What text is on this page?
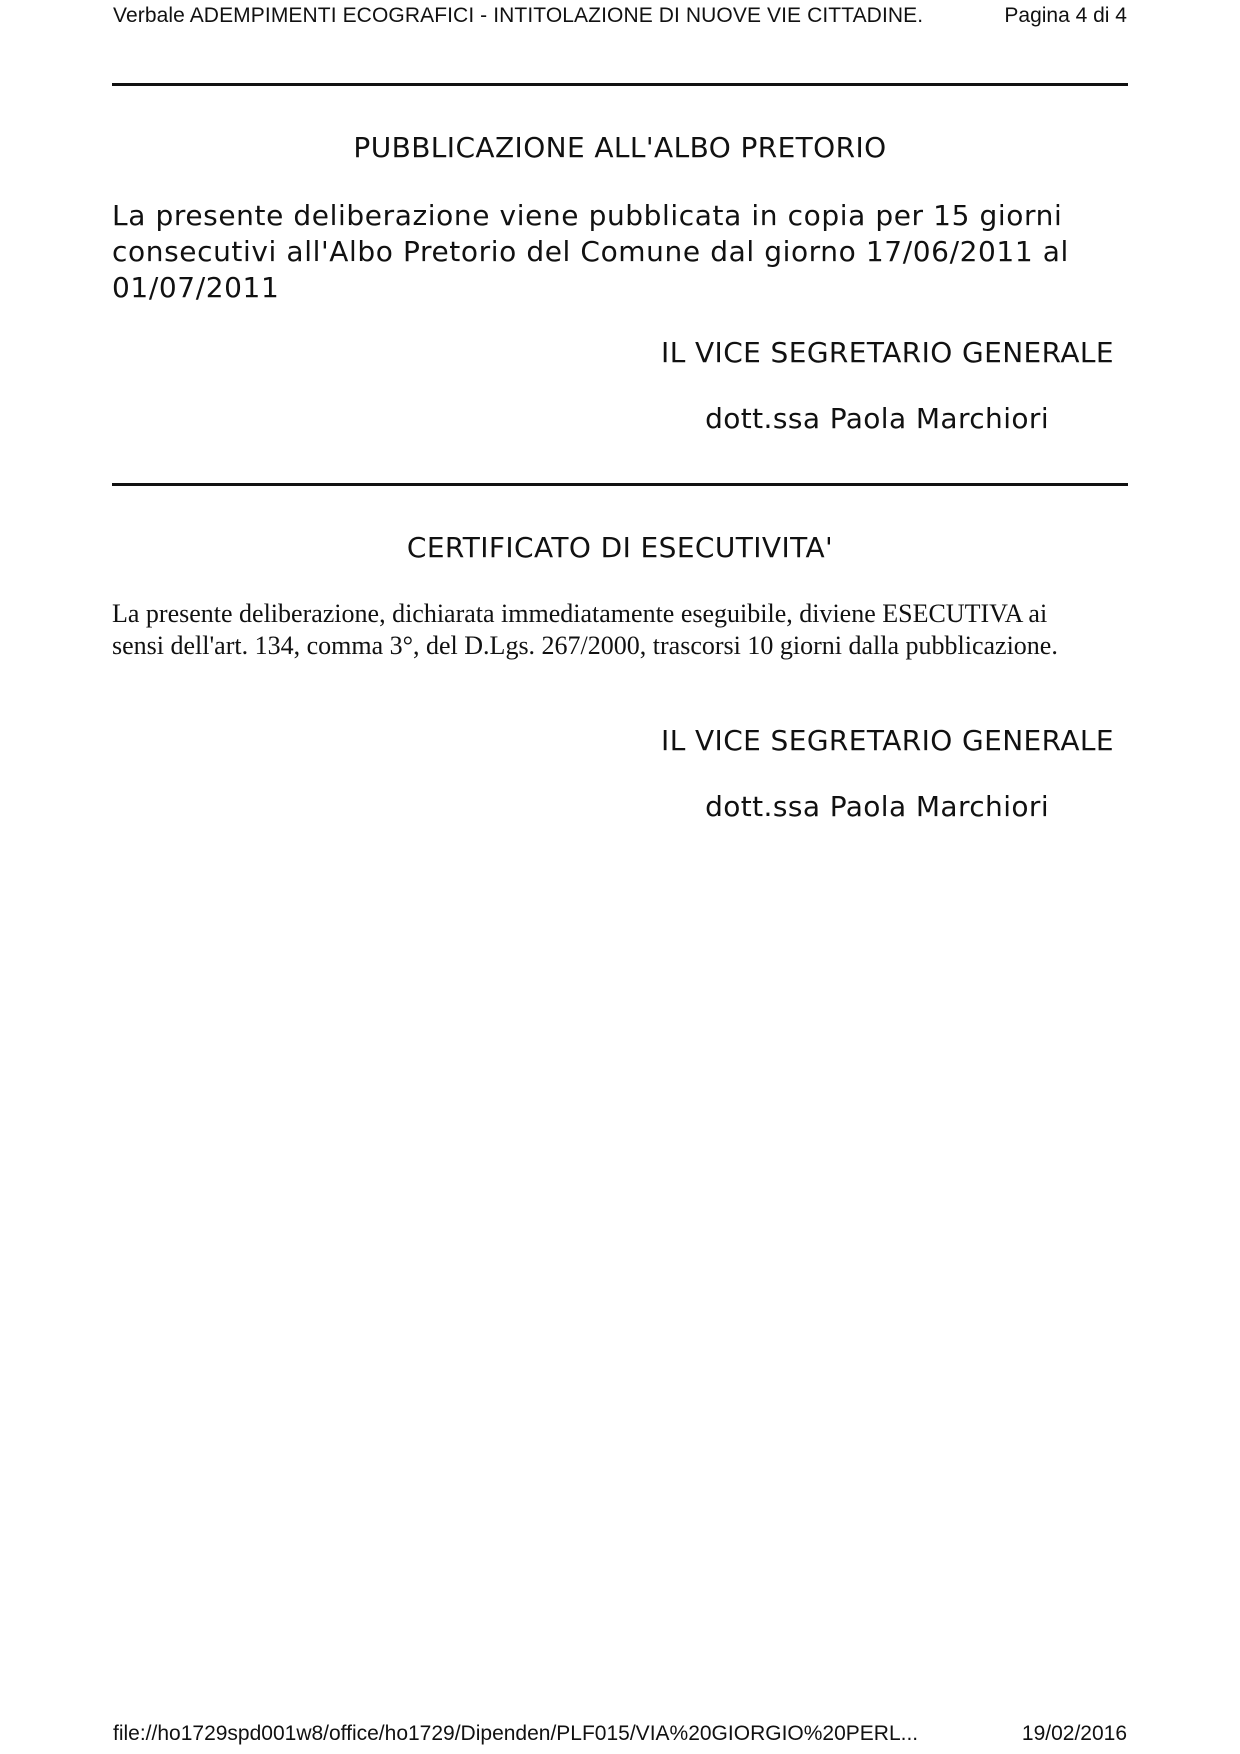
Verbale ADEMPIMENTI ECOGRAFICI - INTITOLAZIONE DI NUOVE VIE CITTADINE.	Pagina 4 di 4
PUBBLICAZIONE ALL'ALBO PRETORIO
La presente deliberazione viene pubblicata in copia per 15 giorni consecutivi all'Albo Pretorio del Comune dal giorno 17/06/2011 al 01/07/2011
IL VICE SEGRETARIO GENERALE
dott.ssa Paola Marchiori
CERTIFICATO DI ESECUTIVITA'
La presente deliberazione, dichiarata immediatamente eseguibile, diviene ESECUTIVA ai sensi dell'art. 134, comma 3°, del D.Lgs. 267/2000, trascorsi 10 giorni dalla pubblicazione.
IL VICE SEGRETARIO GENERALE
dott.ssa Paola Marchiori
file://ho1729spd001w8/office/ho1729/Dipenden/PLF015/VIA%20GIORGIO%20PERL...	19/02/2016
